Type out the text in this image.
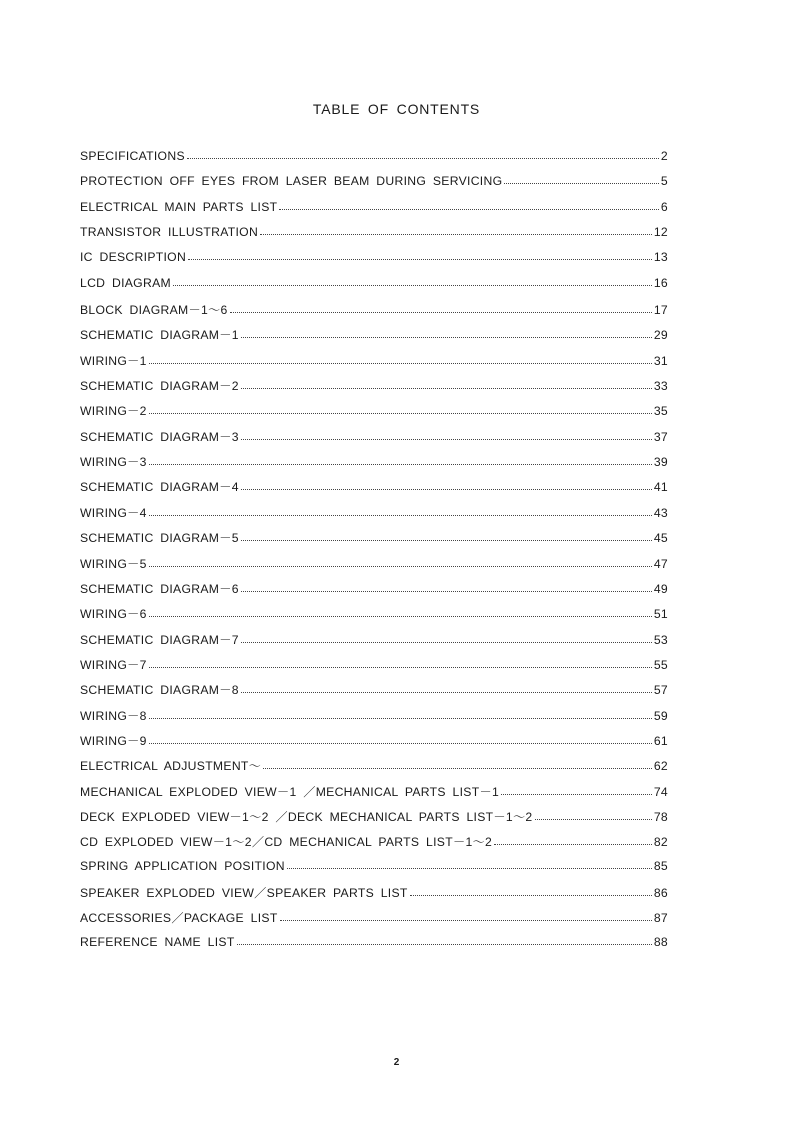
TABLE OF CONTENTS
SPECIFICATIONS	2
PROTECTION OFF EYES FROM LASER BEAM DURING SERVICING	5
ELECTRICAL MAIN PARTS LIST	6
TRANSISTOR ILLUSTRATION	12
IC DESCRIPTION	13
LCD DIAGRAM	16
BLOCK DIAGRAM－1～6	17
SCHEMATIC DIAGRAM－1	29
WIRING－1	31
SCHEMATIC DIAGRAM－2	33
WIRING－2	35
SCHEMATIC DIAGRAM－3	37
WIRING－3	39
SCHEMATIC DIAGRAM－4	41
WIRING－4	43
SCHEMATIC DIAGRAM－5	45
WIRING－5	47
SCHEMATIC DIAGRAM－6	49
WIRING－6	51
SCHEMATIC DIAGRAM－7	53
WIRING－7	55
SCHEMATIC DIAGRAM－8	57
WIRING－8	59
WIRING－9	61
ELECTRICAL ADJUSTMENT～	62
MECHANICAL EXPLODED VIEW－1 ／MECHANICAL PARTS LIST－1	74
DECK EXPLODED VIEW－1～2 ／DECK MECHANICAL PARTS LIST－1～2	78
CD EXPLODED VIEW－1～2／CD MECHANICAL PARTS LIST－1～2	82
SPRING APPLICATION POSITION	85
SPEAKER EXPLODED VIEW／SPEAKER PARTS LIST	86
ACCESSORIES／PACKAGE LIST	87
REFERENCE NAME LIST	88
2
